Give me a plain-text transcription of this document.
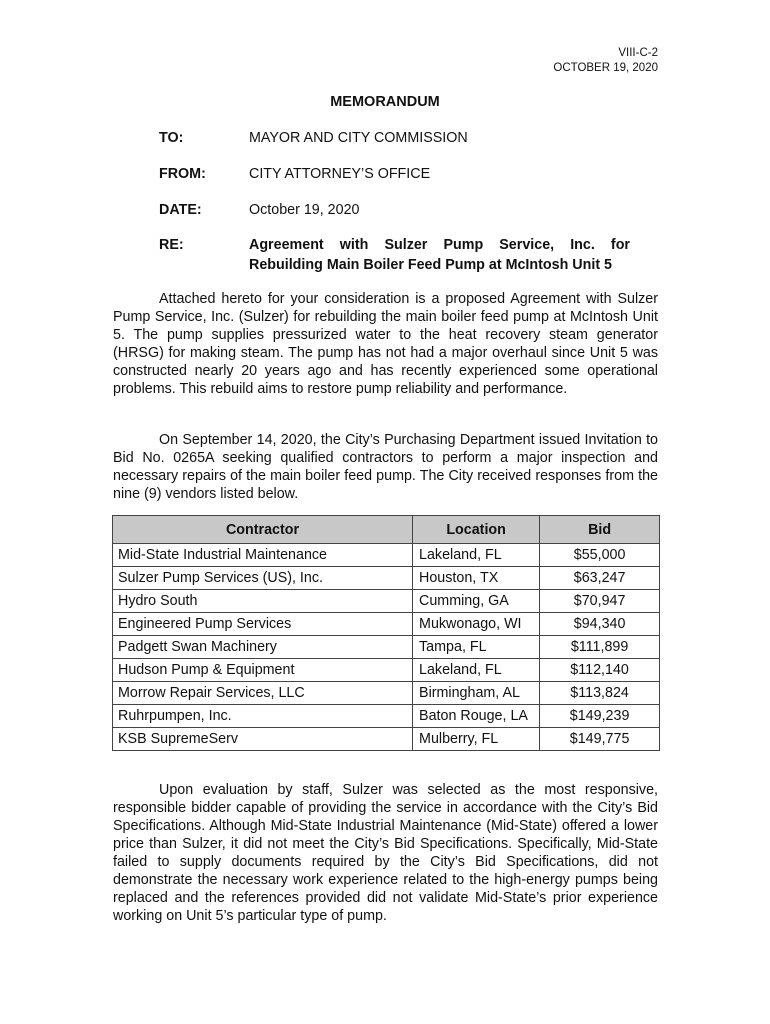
VIII-C-2
OCTOBER 19, 2020
MEMORANDUM
TO:	MAYOR AND CITY COMMISSION
FROM:	CITY ATTORNEY’S OFFICE
DATE:	October 19, 2020
RE:	Agreement with Sulzer Pump Service, Inc. for Rebuilding Main Boiler Feed Pump at McIntosh Unit 5

Attached hereto for your consideration is a proposed Agreement with Sulzer Pump Service, Inc. (Sulzer) for rebuilding the main boiler feed pump at McIntosh Unit 5. The pump supplies pressurized water to the heat recovery steam generator (HRSG) for making steam. The pump has not had a major overhaul since Unit 5 was constructed nearly 20 years ago and has recently experienced some operational problems. This rebuild aims to restore pump reliability and performance.

On September 14, 2020, the City’s Purchasing Department issued Invitation to Bid No. 0265A seeking qualified contractors to perform a major inspection and necessary repairs of the main boiler feed pump. The City received responses from the nine (9) vendors listed below.

Contractor	Location	Bid
Mid-State Industrial Maintenance	Lakeland, FL	$55,000
Sulzer Pump Services (US), Inc.	Houston, TX	$63,247
Hydro South	Cumming, GA	$70,947
Engineered Pump Services	Mukwonago, WI	$94,340
Padgett Swan Machinery	Tampa, FL	$111,899
Hudson Pump & Equipment	Lakeland, FL	$112,140
Morrow Repair Services, LLC	Birmingham, AL	$113,824
Ruhrpumpen, Inc.	Baton Rouge, LA	$149,239
KSB SupremeServ	Mulberry, FL	$149,775

Upon evaluation by staff, Sulzer was selected as the most responsive, responsible bidder capable of providing the service in accordance with the City’s Bid Specifications. Although Mid-State Industrial Maintenance (Mid-State) offered a lower price than Sulzer, it did not meet the City’s Bid Specifications. Specifically, Mid-State failed to supply documents required by the City’s Bid Specifications, did not demonstrate the necessary work experience related to the high-energy pumps being replaced and the references provided did not validate Mid-State’s prior experience working on Unit 5’s particular type of pump.
